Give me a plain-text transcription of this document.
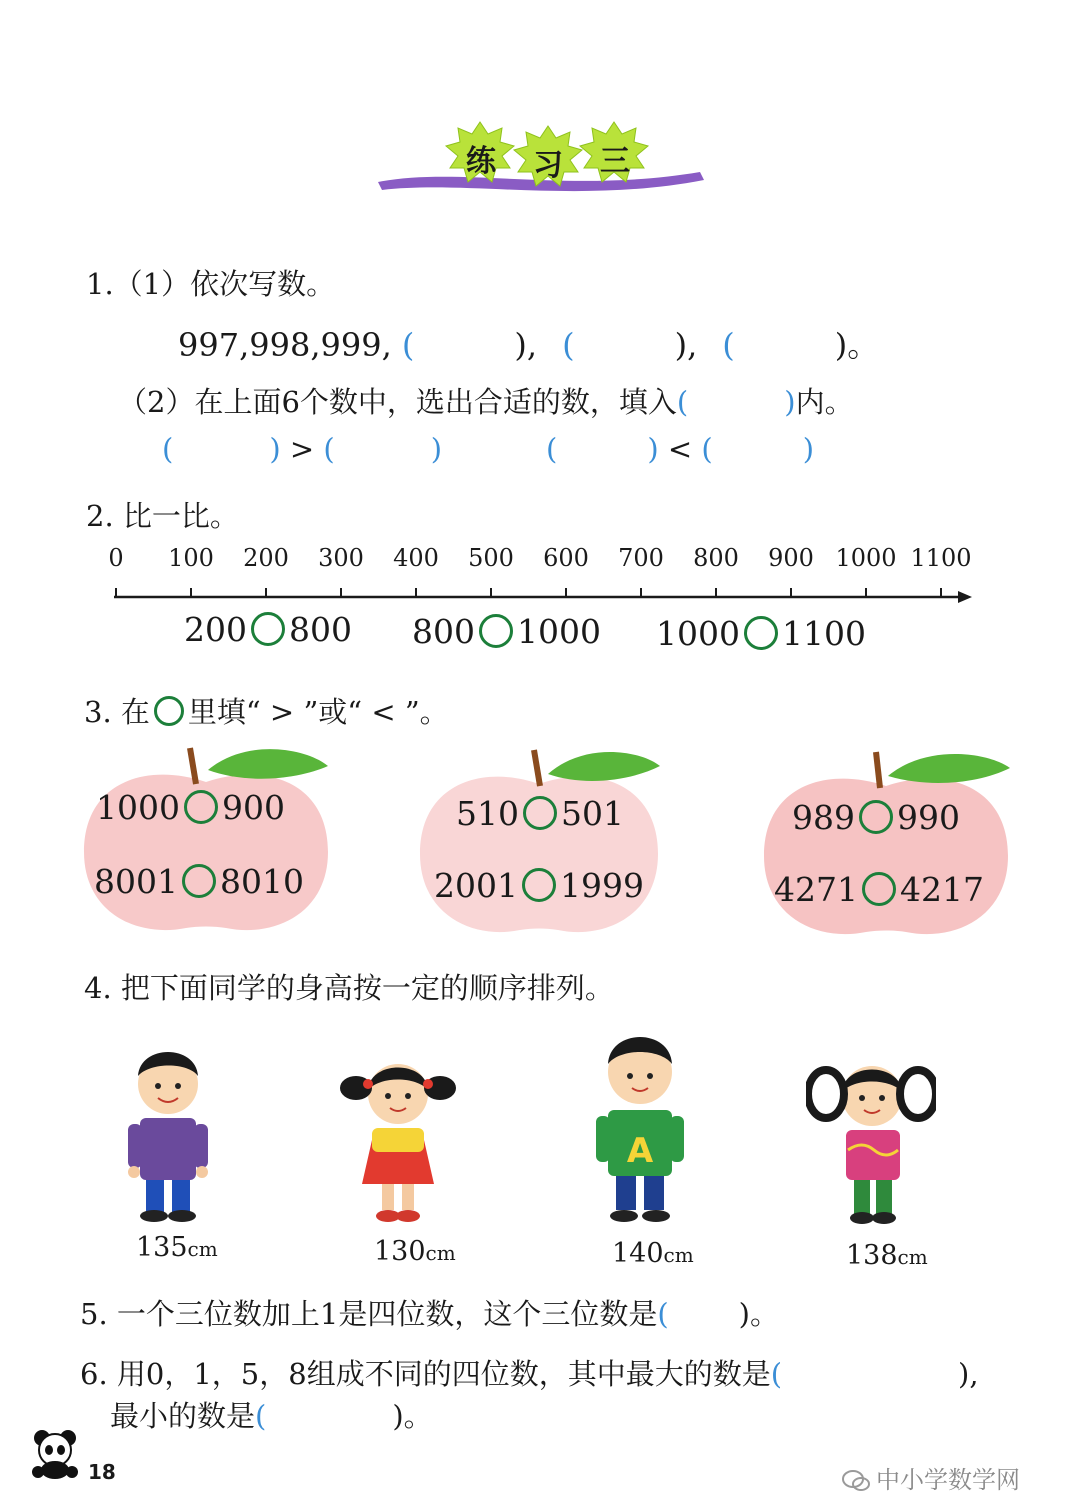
练 习 三
1.（1）依次写数。
997,998,999, (	), (	), (	)。
（2）在上面6个数中，选出合适的数，填入(	)内。
(	) > (	)	(	) < (	)
2. 比一比。
0 100 200 300 400 500 600 700 800 900 1000 1100
200 800 800 1000 1000 1100
3. 在 里填“ > ”或“ < ”。
1000 900
8001 8010
510 501
2001 1999
989 990
4271 4217
4. 把下面同学的身高按一定的顺序排列。
A
135cm	130cm	140cm	138cm
5. 一个三位数加上1是四位数，这个三位数是( )。
6. 用0，1，5，8组成不同的四位数，其中最大的数是(	),
最小的数是(	)。
18	中小学数学网
